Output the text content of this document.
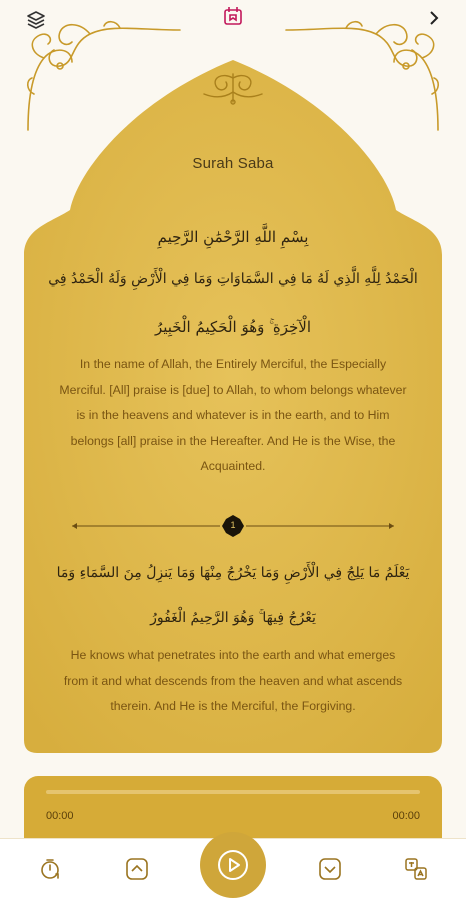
Surah Saba
بِسْمِ اللَّهِ الرَّحْمَٰنِ الرَّحِيمِ
الْحَمْدُ لِلَّهِ الَّذِي لَهُ مَا فِي السَّمَاوَاتِ وَمَا فِي الْأَرْضِ وَلَهُ الْحَمْدُ فِي
الْآخِرَةِ ۚ وَهُوَ الْحَكِيمُ الْخَبِيرُ
In the name of Allah, the Entirely Merciful, the Especially Merciful. [All] praise is [due] to Allah, to whom belongs whatever is in the heavens and whatever is in the earth, and to Him belongs [all] praise in the Hereafter. And He is the Wise, the Acquainted.
1
يَعْلَمُ مَا يَلِجُ فِي الْأَرْضِ وَمَا يَخْرُجُ مِنْهَا وَمَا يَنزِلُ مِنَ السَّمَاءِ وَمَا
يَعْرُجُ فِيهَا ۚ وَهُوَ الرَّحِيمُ الْغَفُورُ
He knows what penetrates into the earth and what emerges from it and what descends from the heaven and what ascends therein. And He is the Merciful, the Forgiving.
00:00	00:00
